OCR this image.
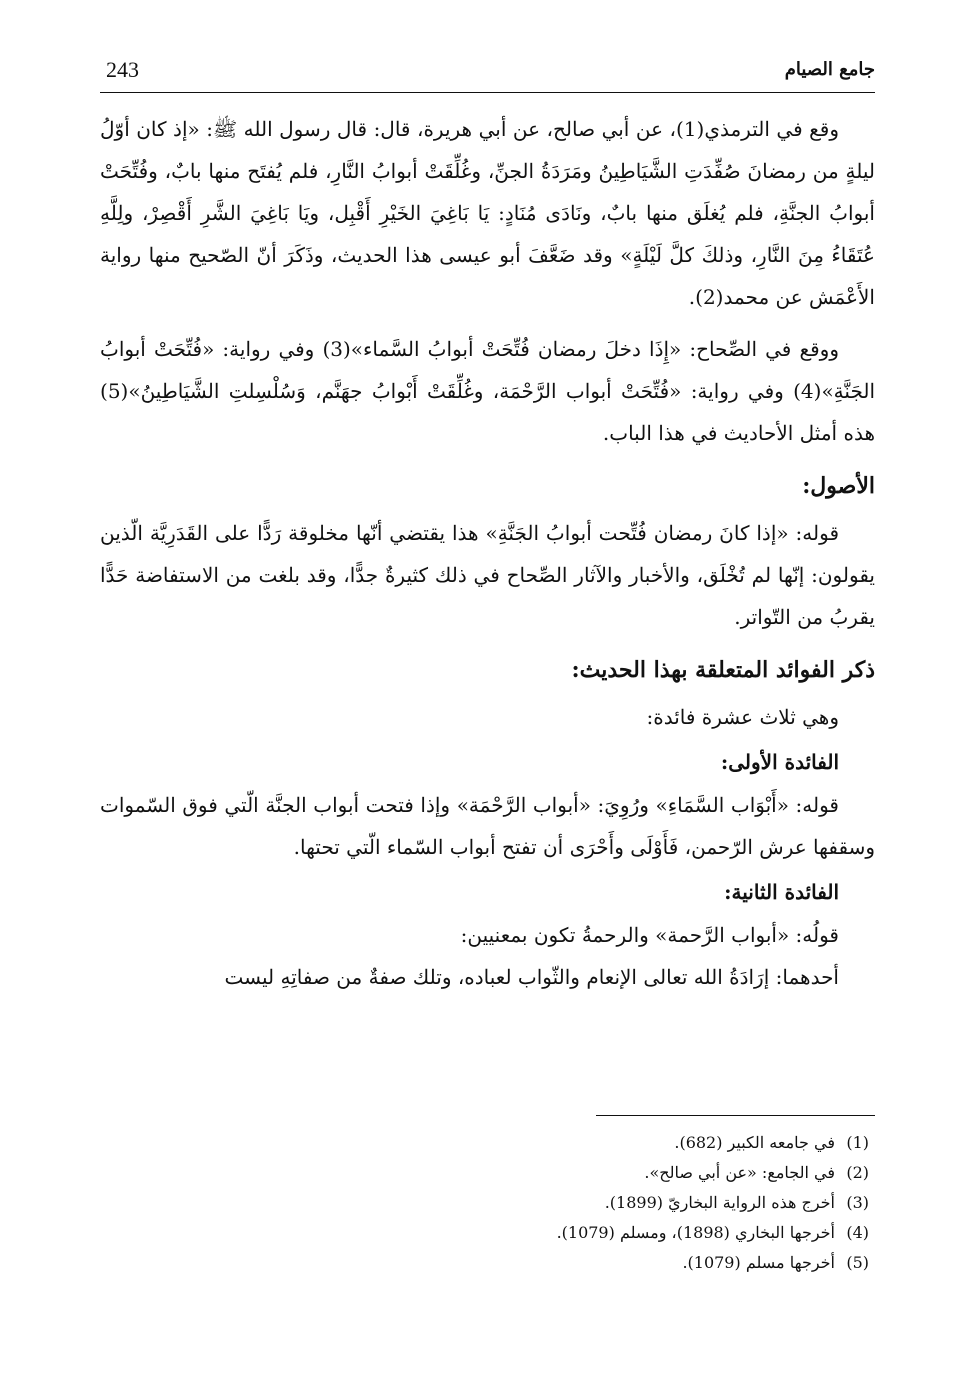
243	جامع الصيام

وقع في الترمذي(1)، عن أبي صالح، عن أبي هريرة، قال: قال رسول الله ﷺ: «إذ كان أوّلُ ليلةٍ من رمضانَ صُفِّدَتِ الشَّيَاطِينُ ومَرَدَةُ الجنِّ، وغُلِّقَتْ أبوابُ النَّارِ، فلم يُفتَح منها بابٌ، وفُتِّحَتْ أبوابُ الجنَّةِ، فلم يُغلَق منها بابٌ، ونَادَى مُنَادٍ: يَا بَاغِيَ الخَيْرِ أَقْبِل، ويَا بَاغِيَ الشَّرِ أَقْصِرْ، ولِلَّهِ عُتَقَاءُ مِنَ النَّارِ، وذلكَ كلَّ لَيْلَةٍ» وقد ضَعَّفَ أبو عيسى هذا الحديث، وذَكَرَ أنّ الصّحيح منها رواية الأَعْمَش عن محمد(2).

ووقع في الصِّحاح: «إِذَا دخلَ رمضان فُتِّحَتْ أبوابُ السَّماء»(3) وفي رواية: «فُتِّحَتْ أبوابُ الجَنَّةِ»(4) وفي رواية: «فُتِّحَتْ أبواب الرَّحْمَة، وغُلِّقَتْ أَبْوابُ جهَنَّم، وَسُلْسِلتِ الشَّيَاطِينُ»(5) هذه أمثل الأحاديث في هذا الباب.

الأصول:

قوله: «إذا كانَ رمضان فُتِّحت أبوابُ الجَنَّةِ» هذا يقتضي أنّها مخلوقة رَدًّا على القَدَرِيَّة الّذين يقولون: إنّها لم تُخْلَق، والأخبار والآثار الصِّحاح في ذلك كثيرةٌ جدًّا، وقد بلغت من الاستفاضة حَدًّا يقربُ من التّواتر.

ذكر الفوائد المتعلقة بهذا الحديث:

وهي ثلاث عشرة فائدة:

الفائدة الأولى:

قوله: «أَبْوَاب السَّمَاءِ» ورُوِيَ: «أبواب الرَّحْمَة» وإذا فتحت أبواب الجنَّة الّتي فوق السّموات وسقفها عرش الرّحمن، فَأَوْلَى وأَحْرَى أن تفتح أبواب السّماء الّتي تحتها.

الفائدة الثانية:

قولُه: «أبواب الرَّحمة» والرحمةُ تكون بمعنيين:

أحدهما: إرَادَةُ الله تعالى الإنعام والثّواب لعباده، وتلك صفةٌ من صفاتِهِ ليست

(1)في جامعه الكبير (682).
(2)في الجامع: «عن أبي صالح».
(3)أخرج هذه الرواية البخاريّ (1899).
(4)أخرجها البخاري (1898)، ومسلم (1079).
(5)أخرجها مسلم (1079).
